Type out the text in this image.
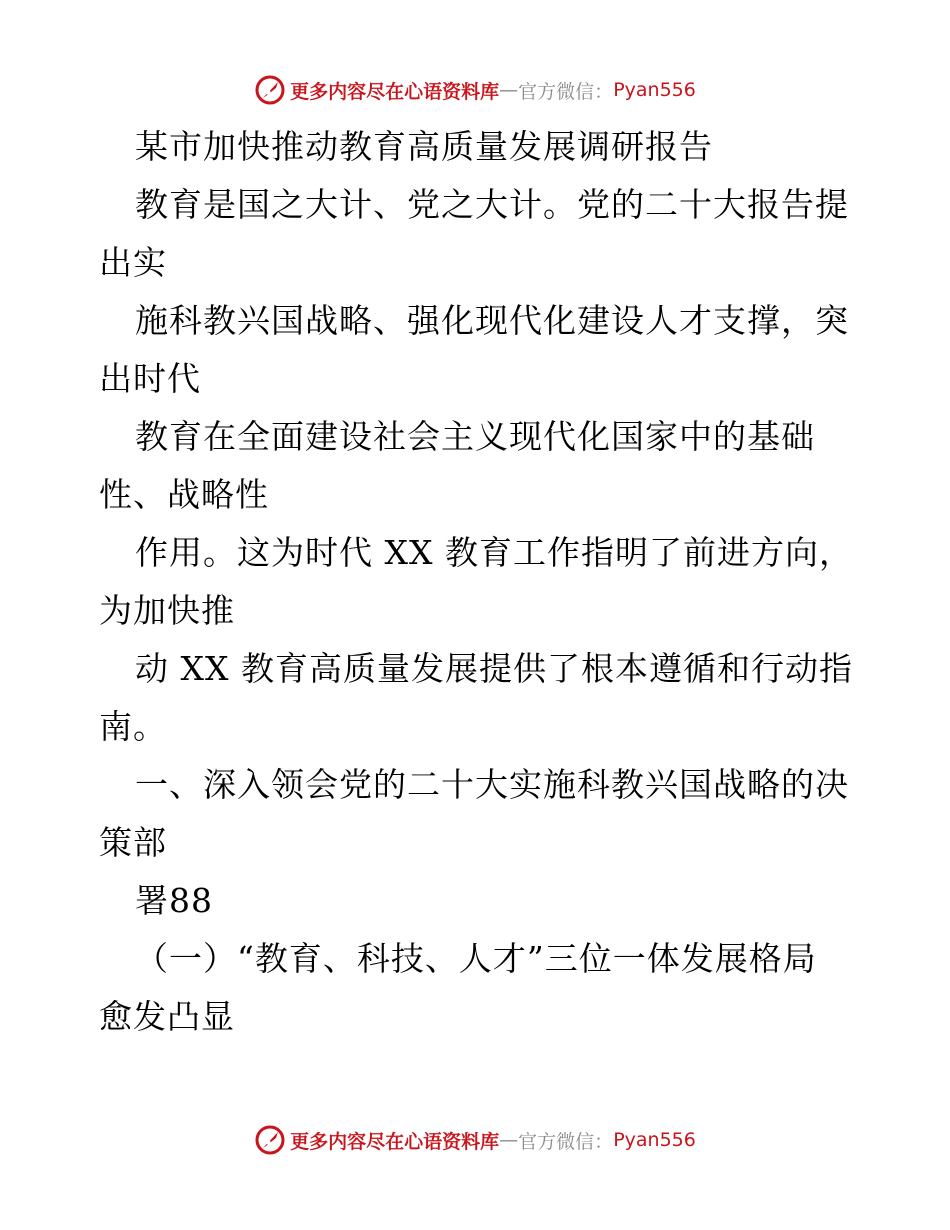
更多内容尽在心语资料库 — 官方微信： Pyan556
某市加快推动教育高质量发展调研报告
教育是国之大计、党之大计。党的二十大报告提
出实
施科教兴国战略、强化现代化建设人才支撑，突
出时代
教育在全面建设社会主义现代化国家中的基础
性、战略性
作用。这为时代 XX 教育工作指明了前进方向，
为加快推
动 XX 教育高质量发展提供了根本遵循和行动指
南。
一、深入领会党的二十大实施科教兴国战略的决
策部
署88
（一）“教育、科技、人才”三位一体发展格局
愈发凸显
更多内容尽在心语资料库 — 官方微信： Pyan556
